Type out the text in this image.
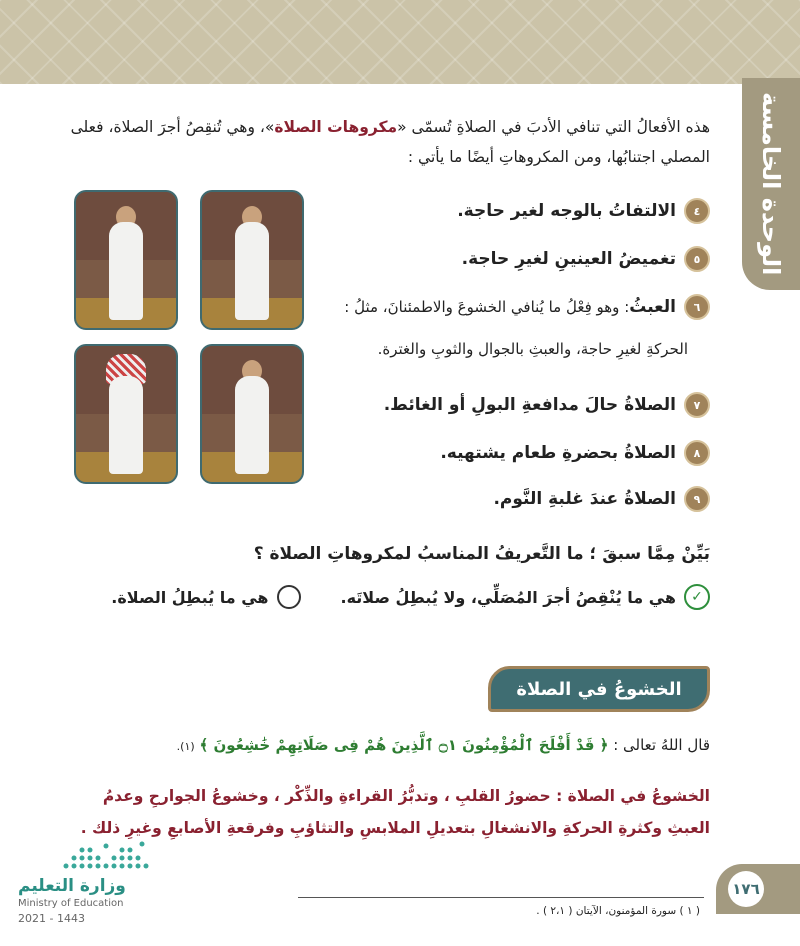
الوحدة الخامسة

هذه الأفعالُ التي تنافي الأدبَ في الصلاةِ تُسمّى «مكروهات الصلاة»، وهي تُنقِصُ أجرَ الصلاة، فعلى المصلي اجتنابُها، ومن المكروهاتِ أيضًا ما يأتي :

٤
الالتفاتُ بالوجه لغير حاجة.
٥
تغميضُ العينينِ لغيرِ حاجة.
٦
العبثُ
: وهو فِعْلُ ما يُنافي الخشوعَ والاطمئنانَ، مثلُ :
الحركةِ لغيرِ حاجة، والعبثِ بالجوال والثوبِ والغترة.
٧
الصلاةُ حالَ مدافعةِ البولِ أو الغائط.
٨
الصلاةُ بحضرةِ طعام يشتهيه.
٩
الصلاةُ عندَ غلبةِ النَّوم.
بَيِّنْ مِمَّا سبقَ ؛ ما التَّعريفُ المناسبُ لمكروهاتِ الصلاة ؟
✓
هي ما يُنْقِصُ أجرَ المُصَلِّي، ولا يُبطِلُ صلاتَه.
هي ما يُبطِلُ الصلاة.
الخشوعُ في الصلاة

قال اللهُ تعالى : ﴿ قَدْ أَفْلَحَ ٱلْمُؤْمِنُونَ ۝١ ٱلَّذِينَ هُمْ فِى صَلَاتِهِمْ خَٰشِعُونَ ﴾ (١).

الخشوعُ في الصلاة : حضورُ القلبِ ، وتدبُّرُ القراءةِ والذِّكْر ، وخشوعُ الجوارحِ وعدمُ العبثِ وكثرةِ الحركةِ والانشغالِ بتعديلِ الملابسِ والتثاؤبِ وفرقعةِ الأصابعِ وغيرِ ذلك .

وزارة التعليم
Ministry of Education
2021 - 1443
( ١ ) سورة المؤمنون، الآيتان ( ٢،١ ) .
١٧٦
